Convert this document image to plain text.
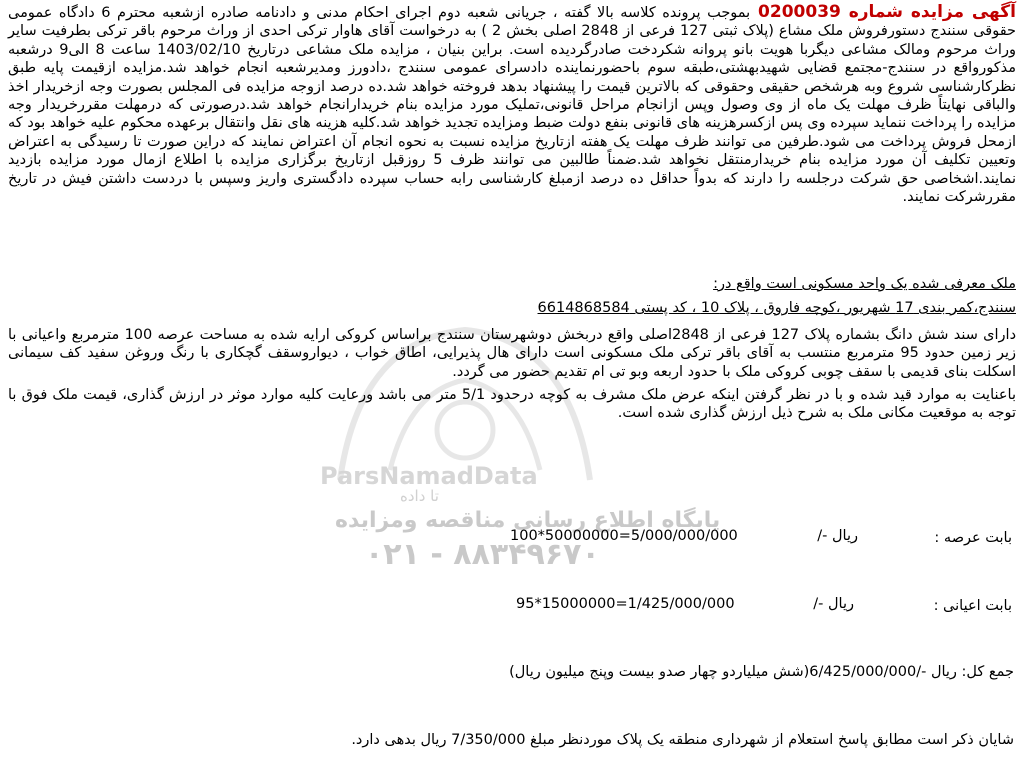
ParsNamadData
تا داده
پایگاه اطلاع رسانی مناقصه ومزایده
۰۲۱ - ۸۸۳۴۹۶۷۰
آگهی مزایده شماره 0200039 بموجب پرونده کلاسه بالا گفته ، جریانی شعبه دوم اجرای احکام مدنی و دادنامه صادره ازشعبه محترم 6 دادگاه عمومی حقوقی سنندج دستورفروش ملک مشاع (پلاک ثبتی 127 فرعی از 2848 اصلی بخش 2 ) به درخواست آقای هاوار ترکی احدی از وراث مرحوم باقر ترکی بطرفیت سایر وراث مرحوم ومالک مشاعی دیگربا هویت بانو پروانه شکردخت صادرگردیده است. براین بنیان ، مزایده ملک مشاعی درتاریخ 1403/02/10 ساعت 8 الی9 درشعبه مذکورواقع در سنندج-مجتمع قضایی شهیدبهشتی،طبقه سوم باحضورنماینده دادسرای عمومی سنندج ،دادورز ومدیرشعبه انجام خواهد شد.مزایده ازقیمت پایه طبق نظرکارشناسی شروع وبه هرشخص حقیقی وحقوقی که بالاترین قیمت را پیشنهاد بدهد فروخته خواهد شد.ده درصد ازوجه مزایده فی المجلس بصورت وجه ازخریدار اخذ والباقی نهایتاً ظرف مهلت یک ماه از وی وصول وپس ازانجام مراحل قانونی،تملیک مورد مزایده بنام خریدارانجام خواهد شد.درصورتی که درمهلت مقررخریدار وجه مزایده را پرداخت ننماید سپرده وی پس ازکسرهزینه های قانونی بنفع دولت ضبط ومزایده تجدید خواهد شد.کلیه هزینه های نقل وانتقال برعهده محکوم علیه خواهد بود که ازمحل فروش پرداخت می شود.طرفین می توانند ظرف مهلت یک هفته ازتاریخ مزایده نسبت به نحوه انجام آن اعتراض نمایند که دراین صورت تا رسیدگی به اعتراض وتعیین تکلیف آن مورد مزایده بنام خریدارمنتقل نخواهد شد.ضمناً طالبین می توانند ظرف 5 روزقبل ازتاریخ برگزاری مزایده با اطلاع ازمال مورد مزایده بازدید نمایند.اشخاصی حق شرکت درجلسه را دارند که بدواً حداقل ده درصد ازمبلغ کارشناسی رابه حساب سپرده دادگستری واریز وسپس با دردست داشتن فیش در تاریخ مقررشرکت نمایند.
ملک معرفی شده یک واحد مسکونی است واقع در:
سنندج،کمر بندی 17 شهریور ،کوچه فاروق ، پلاک 10 ، کد پستی 6614868584
دارای سند شش دانگ بشماره پلاک 127 فرعی از 2848اصلی واقع دربخش دوشهرستان سنندج براساس کروکی ارایه شده به مساحت عرصه 100 مترمربع واعیانی با زیر زمین حدود 95 مترمربع منتسب به آقای باقر ترکی ملک مسکونی است دارای هال پذیرایی، اطاق خواب ، دیواروسقف گچکاری با رنگ وروغن سفید کف سیمانی اسکلت بنای قدیمی با سقف چوبی کروکی ملک با حدود اربعه وبو تی ام تقدیم حضور می گردد.
باعنایت به موارد قید شده و با در نظر گرفتن اینکه عرض ملک مشرف به کوچه درحدود 5/1 متر می باشد ورعایت کلیه موارد موثر در ارزش گذاری، قیمت ملک فوق با توجه به موقعیت مکانی ملک به شرح ذیل ارزش گذاری شده است.
بابت عرصه :
ریال -/
100*50000000=5/000/000/000
بابت اعیانی :
ریال -/
95*15000000=1/425/000/000
جمع کل: ریال -/6/425/000/000(شش میلیاردو چهار صدو بیست وپنج میلیون ریال)
شایان ذکر است مطابق پاسخ استعلام از شهرداری منطقه یک پلاک موردنظر مبلغ 7/350/000 ریال بدهی دارد.
